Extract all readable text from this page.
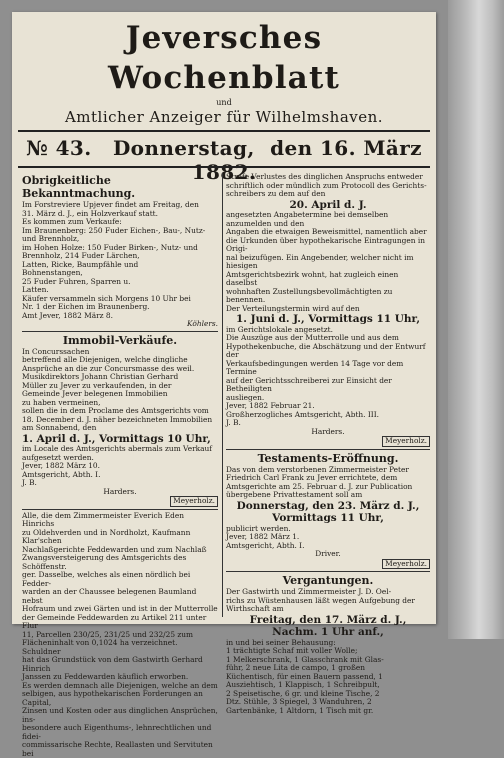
Jeversches Wochenblatt
und
Amtlicher Anzeiger für Wilhelmshaven.
№ 43. Donnerstag, den 16. März 1882.

Obrigkeitliche Bekanntmachung.

Im Forstreviere Upjever findet am Freitag, den

31. März d. J., ein Holzverkauf statt.

Es kommen zum Verkaufe:

Im Braunenberg: 250 Fuder Eichen-, Bau-, Nutz-

und Brennholz,

im Hohen Holze: 150 Fuder Birken-, Nutz- und

Brennholz, 214 Fuder Lärchen,

Latten, Ricke, Baumpfähle und

Bohnenstangen,

25 Fuder Fuhren, Sparren u.

Latten.

Käufer versammeln sich Morgens 10 Uhr bei

Nr. 1 der Eichen im Braunenberg.

Amt Jever, 1882 März 8.

Köhlers.

Immobil-Verkäufe.

In Concurssachen

betreffend alle Diejenigen, welche dingliche

Ansprüche an die zur Concursmasse des weil.

Musikdirektors Johann Christian Gerhard

Müller zu Jever zu verkaufenden, in der

Gemeinde Jever belegenen Immobilien

zu haben vermeinen,

sollen die in dem Proclame des Amtsgerichts vom

18. December d. J. näher bezeichneten Immobilien

am Sonnabend, den

1. April d. J., Vormittags 10 Uhr,

im Locale des Amtsgerichts abermals zum Verkauf

aufgesetzt werden.

Jever, 1882 März 10.

Amtsgericht, Abth. I.

J. B.

Harders.

Meyerholz.

Alle, die dem Zimmermeister Everich Eden Hinrichs

zu Oldehverden und in Nordholzt, Kaufmann Klar'schen

Nachlaßgerichte Feddewarden und zum Nachlaß

Zwangsversteigerung des Amtsgerichts des Schöffenstr.

ger. Dasselbe, welches als einen nördlich bei Fedder-

warden an der Chaussee belegenen Baumland nebst

Hofraum und zwei Gärten und ist in der Mutterrolle

der Gemeinde Feddewarden zu Artikel 211 unter Flur

11, Parcellen 230/25, 231/25 und 232/25 zum

Flächeninhalt von 0,1024 ha verzeichnet. Schuldner

hat das Grundstück von dem Gastwirth Gerhard Hinrich

Janssen zu Feddewarden käuflich erworben.

Es werden demnach alle Diejenigen, welche an dem

selbigen, aus hypothekarischen Forderungen an Capital,

Zinsen und Kosten oder aus dinglichen Ansprüchen, ins-

besondere auch Eigenthums-, lehnrechtlichen und fidei-

commissarische Rechte, Reallasten und Servituten bei

Strafe Verlustes des dinglichen Anspruchs entweder

schriftlich oder mündlich zum Protocoll des Gerichts-

schreibers zu dem auf den

20. April d. J.

angesetzten Angabetermine bei demselben anzumelden und den

Angaben die etwaigen Beweismittel, namentlich aber

die Urkunden über hypothekarische Eintragungen in Origi-

nal beizufügen. Ein Angebender, welcher nicht im hiesigen

Amtsgerichtsbezirk wohnt, hat zugleich einen daselbst

wohnhaften Zustellungsbevollmächtigten zu benennen.

Der Verteilungstermin wird auf den

1. Juni d. J., Vormittags 11 Uhr,

im Gerichtslokale angesetzt.

Die Auszüge aus der Mutterrolle und aus dem

Hypothekenbuche, die Abschätzung und der Entwurf der

Verkaufsbedingungen werden 14 Tage vor dem Termine

auf der Gerichtsschreiberei zur Einsicht der Betheiligten

ausliegen.

Jever, 1882 Februar 21.

Großherzogliches Amtsgericht, Abth. III.

J. B.

Harders.

Meyerholz.

Testaments-Eröffnung.

Das von dem verstorbenen Zimmermeister Peter

Friedrich Carl Frank zu Jever errichtete, dem

Amtsgerichte am 25. Februar d. J. zur Publication

übergebene Privattestament soll am

Donnerstag, den 23. März d. J.,

Vormittags 11 Uhr,

publicirt werden.

Jever, 1882 März 1.

Amtsgericht, Abth. I.

Driver.

Meyerholz.

Vergantungen.

Der Gastwirth und Zimmermeister J. D. Oel-

richs zu Wüstenhausen läßt wegen Aufgebung der

Wirthschaft am

Freitag, den 17. März d. J.,

Nachm. 1 Uhr anf.,

in und bei seiner Behausung:

1 trächtigte Schaf mit voller Wolle;

1 Melkerschrank, 1 Glasschrank mit Glas-

führ, 2 neue Lita de campo, 1 großen

Küchentisch, für einen Bauern passend, 1

Ausziehtisch, 1 Klappisch, 1 Schreibpult,

2 Speisetische, 6 gr. und kleine Tische, 2

Dtz. Stühle, 3 Spiegel, 3 Wanduhren, 2

Gartenbänke, 1 Altdorn, 1 Tisch mit gr.
